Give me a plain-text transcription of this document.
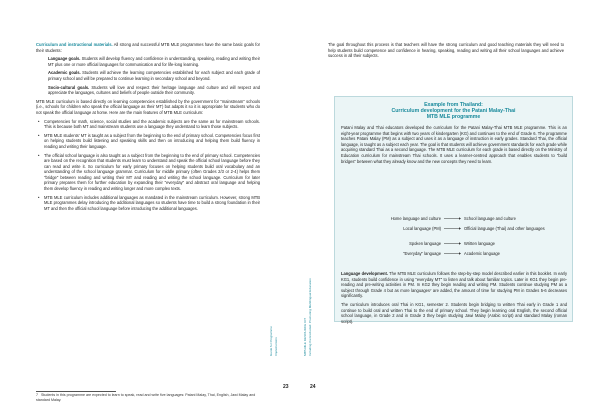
Curriculum and instructional materials. All strong and successful MTB MLE programmes have the same basic goals for their students:

Language goals. Students will develop fluency and confidence in understanding, speaking, reading and writing their MT plus one or more official languages for communication and for life-long learning.

Academic goals. Students will achieve the learning competencies established for each subject and each grade of primary school and will be prepared to continue learning in secondary school and beyond.

Socio-cultural goals. Students will love and respect their heritage language and culture and will respect and appreciate the languages, cultures and beliefs of people outside their community.

MTB MLE curriculum is based directly on learning competencies established by the government for "mainstream" schools (i.e., schools for children who speak the official language as their MT) but adapts it so it is appropriate for students who do not speak the official language at home. Here are the main features of MTB MLE curriculum:

• Competencies for math, science, social studies and the academic subjects are the same as for mainstream schools. This is because both MT and mainstream students use a language they understand to learn those subjects.
• MTB MLE students' MT is taught as a subject from the beginning to the end of primary school. Competencies focus first on helping students build listening and speaking skills and then on introducing and helping them build fluency in reading and writing their language.
• The official school language is also taught as a subject from the beginning to the end of primary school. Competencies are based on the recognition that students must learn to understand and speak the official school language before they can read and write it. So curriculum for early primary focuses on helping students build oral vocabulary and an understanding of the school language grammar. Curriculum for middle primary (often Grades 2/3 or 2-4) helps them "bridge" between reading and writing their MT and reading and writing the school language. Curriculum for later primary prepares them for further education by expanding their "everyday" and abstract oral language and helping them develop fluency in reading and writing longer and more complex texts.
• MTB MLE curriculum includes additional languages as mandated in the mainstream curriculum. However, strong MTB MLE programmes delay introducing the additional languages so students have time to build a strong foundation in their MT and then the official school language before introducing the additional languages.
7 Students in this programme are expected to learn to speak, read and write five languages: Patani Malay, Thai, English, Jawi Malay and standard Malay.
Guide for Programme Implementers
23
MTB-MLE RESOURCE KIT Including the Excluded: Promoting Multilingual Education
The goal throughout this process is that teachers will have the strong curriculum and good teaching materials they will need to help students build competence and confidence in hearing, speaking, reading and writing all their school languages and achieve success in all their subjects.
Example from Thailand:
Curriculum development for the Patani Malay-Thai
MTB MLE programme

Patani Malay and Thai educators developed the curriculum for the Patani Malay-Thai MTB MLE programme. This is an eight-year programme that begins with two years of kindergarten (KG) and continues to the end of Grade 6. The programme teaches Patani Malay (PM) as a subject and uses it as a language of instruction in early grades. Standard Thai, the official language, is taught as a subject each year. The goal is that students will achieve government standards for each grade while acquiring standard Thai as a second language. The MTB MLE curriculum for each grade is based directly on the Ministry of Education curriculum for mainstream Thai schools. It uses a learner-centred approach that enables students to "build bridges" between what they already know and the new concepts they need to learn.

Home language and culture	School language and culture
Local language (PM)	Official language (Thai) and other languages
Spoken language	Written language
"Everyday" language	Academic language

Language development. The MTB MLE curriculum follows the step-by-step model described earlier in this booklet. In early KG1, students build confidence in using "everyday MT" to listen and talk about familiar topics. Later in KG1 they begin pre-reading and pre-writing activities in PM. In KG2 they begin reading and writing PM. Students continue studying PM as a subject through Grade 4 but as more languages⁷ are added, the amount of time for studying PM in Grades 5-6 decreases significantly.

The curriculum introduces oral Thai in KG1, semester 2. Students begin bridging to written Thai early in Grade 1 and continue to build oral and written Thai to the end of primary school. They begin learning oral English, the second official school language, in Grade 2 and in Grade 3 they begin studying Jawi Malay (Arabic script) and standard Malay (roman script).

24
